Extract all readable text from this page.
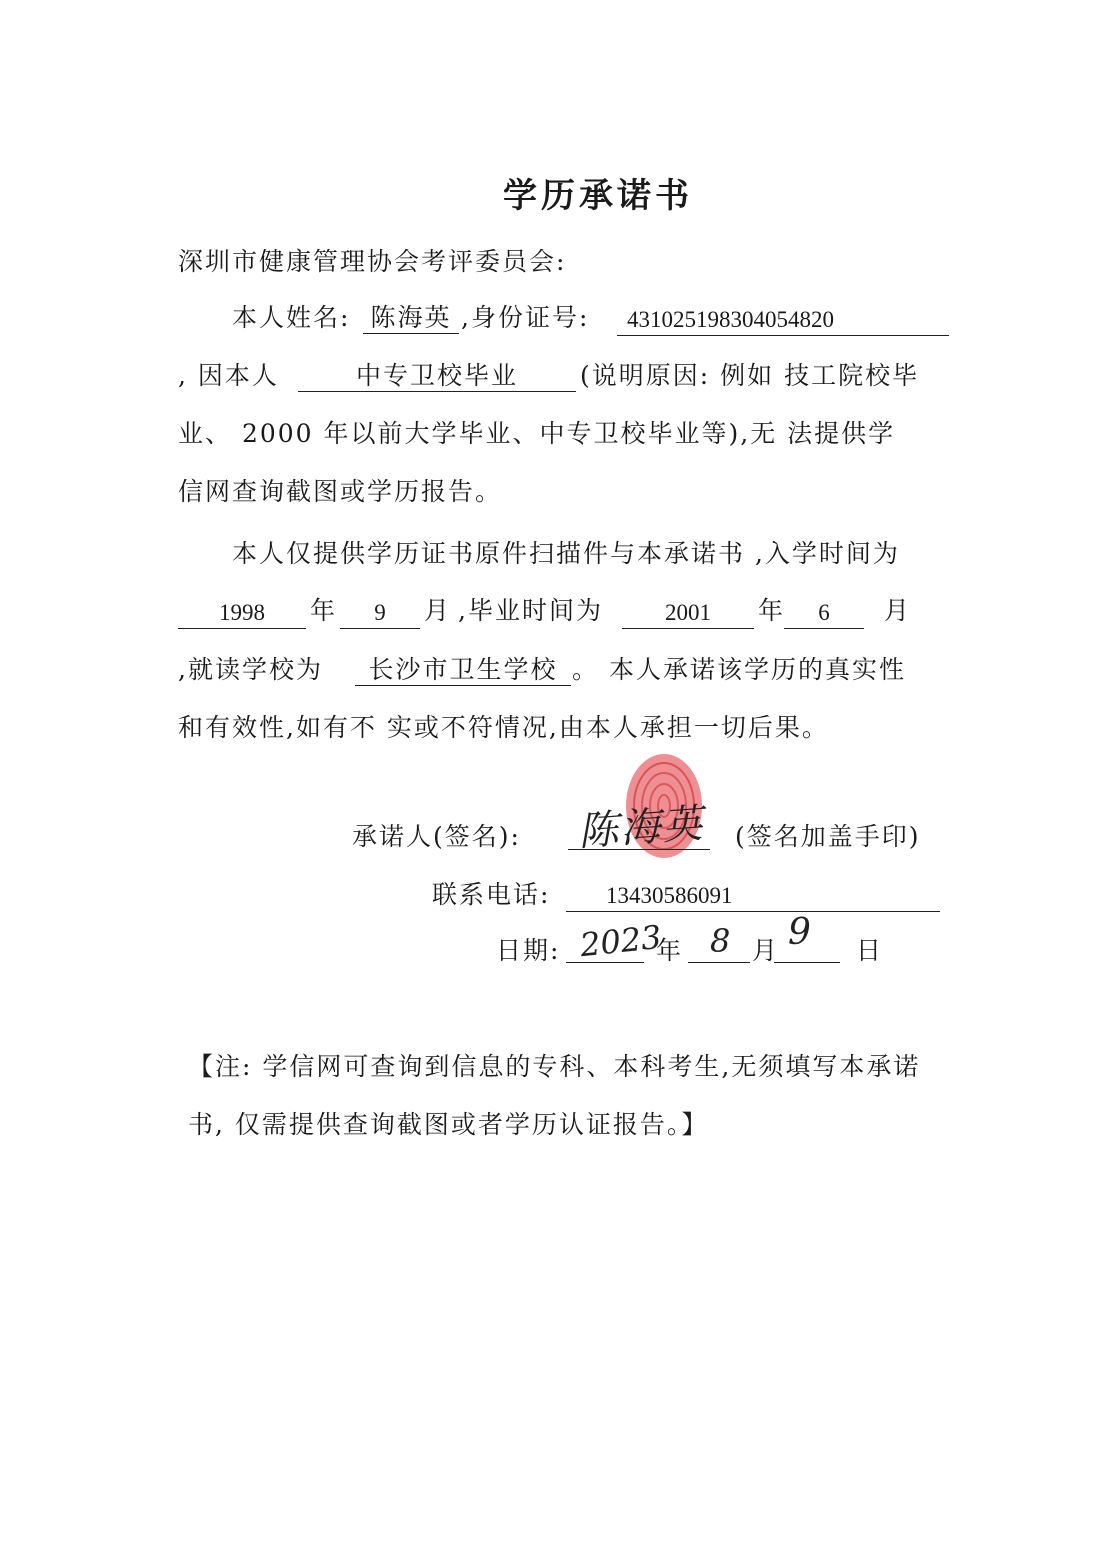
学历承诺书
深圳市健康管理协会考评委员会:
本人姓名: 陈海英 ,身份证号:	431025198304054820
, 因本人	中专卫校毕业	(说明原因: 例如 技工院校毕
业、 2000 年以前大学毕业、中专卫校毕业等),无 法提供学
信网查询截图或学历报告。
本人仅提供学历证书原件扫描件与本承诺书 ,入学时间为
1998	年	9	月 ,毕业时间为	2001	年	6	月
,就读学校为	长沙市卫生学校 。 本人承诺该学历的真实性
和有效性,如有不 实或不符情况,由本人承担一切后果。
承诺人(签名): 陈海英 (签名加盖手印)
联系电话:	13430586091
日期: 2023
年 8 月 9 日
【注: 学信网可查询到信息的专科、本科考生,无须填写本承诺
书, 仅需提供查询截图或者学历认证报告。】
